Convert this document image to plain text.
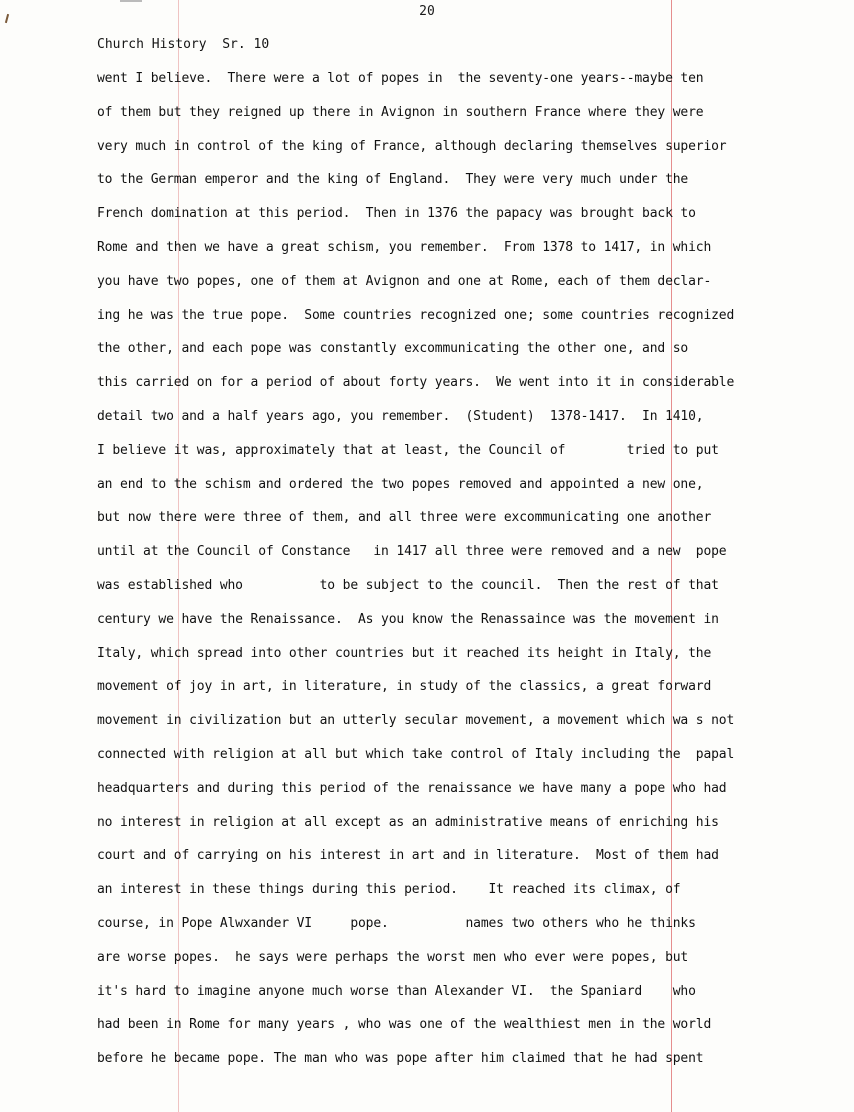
20
Church History  Sr. 10
went I believe.  There were a lot of popes in  the seventy-one years--maybe ten
of them but they reigned up there in Avignon in southern France where they were
very much in control of the king of France, although declaring themselves superior
to the German emperor and the king of England.  They were very much under the
French domination at this period.  Then in 1376 the papacy was brought back to
Rome and then we have a great schism, you remember.  From 1378 to 1417, in which
you have two popes, one of them at Avignon and one at Rome, each of them declar-
ing he was the true pope.  Some countries recognized one; some countries recognized
the other, and each pope was constantly excommunicating the other one, and so
this carried on for a period of about forty years.  We went into it in considerable
detail two and a half years ago, you remember.  (Student)  1378-1417.  In 1410,
I believe it was, approximately that at least, the Council of        tried to put
an end to the schism and ordered the two popes removed and appointed a new one,
but now there were three of them, and all three were excommunicating one another
until at the Council of Constance   in 1417 all three were removed and a new  pope
was established who          to be subject to the council.  Then the rest of that
century we have the Renaissance.  As you know the Renassaince was the movement in
Italy, which spread into other countries but it reached its height in Italy, the
movement of joy in art, in literature, in study of the classics, a great forward
movement in civilization but an utterly secular movement, a movement which wa s not
connected with religion at all but which take control of Italy including the  papal
headquarters and during this period of the renaissance we have many a pope who had
no interest in religion at all except as an administrative means of enriching his
court and of carrying on his interest in art and in literature.  Most of them had
an interest in these things during this period.    It reached its climax, of
course, in Pope Alwxander VI     pope.          names two others who he thinks
are worse popes.  he says were perhaps the worst men who ever were popes, but
it's hard to imagine anyone much worse than Alexander VI.  the Spaniard    who
had been in Rome for many years , who was one of the wealthiest men in the world
before he became pope. The man who was pope after him claimed that he had spent
